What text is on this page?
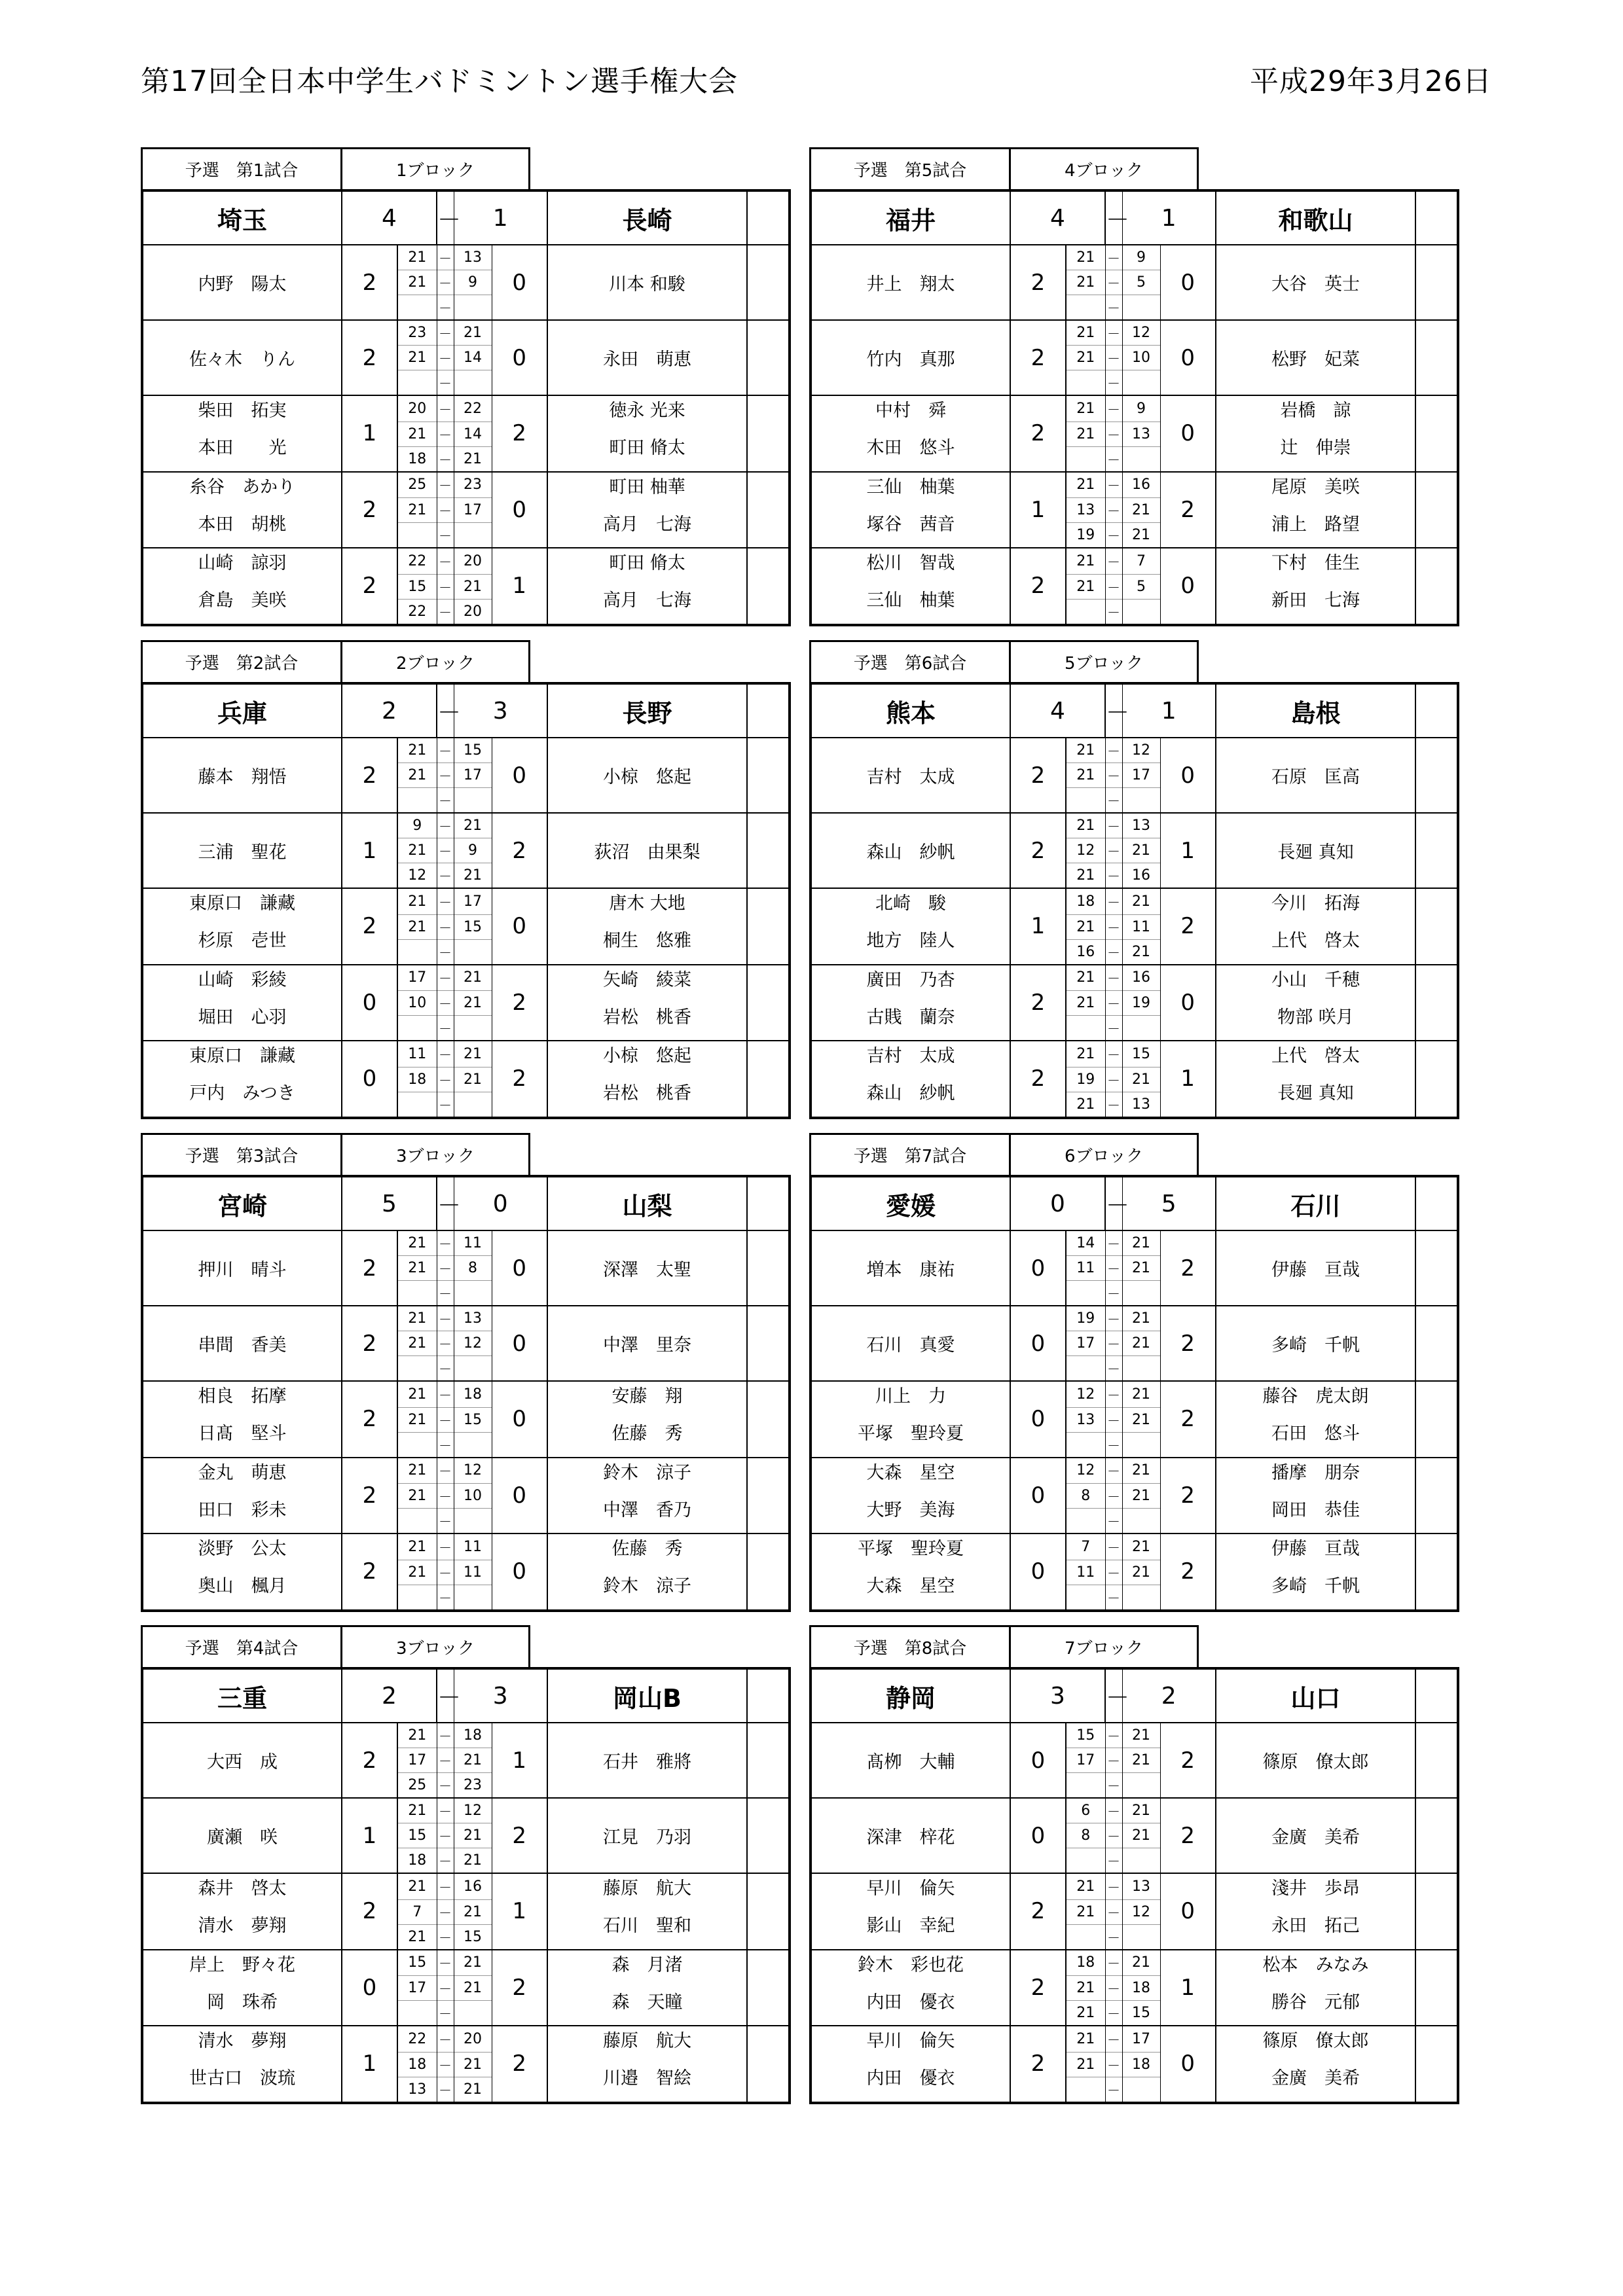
第17回全日本中学生バドミントン選手権大会	平成29年3月26日
予選　第1試合	1ブロック
埼玉	4		－	1		長崎	
内野　陽太	2	21	－	13	0	川本 和駿	
		21	－	9			
			－				
佐々木　りん	2	23	－	21	0	永田　萌恵	
		21	－	14			
			－				
柴田　拓実	1	20	－	22	2	徳永 光来	
本田　　光		21	－	14		町田 脩太	
		18	－	21			
糸谷　あかり	2	25	－	23	0	町田 柚華	
本田　胡桃		21	－	17		高月　七海	
			－				
山崎　諒羽	2	22	－	20	1	町田 脩太	
倉島　美咲		15	－	21		高月　七海	
		22	－	20			
予選　第5試合	4ブロック
福井	4		－	1		和歌山	
井上　翔太	2	21	－	9	0	大谷　英士	
		21	－	5			
			－				
竹内　真那	2	21	－	12	0	松野　妃菜	
		21	－	10			
			－				
中村　舜	2	21	－	9	0	岩橋　諒	
木田　悠斗		21	－	13		辻　伸崇	
			－				
三仙　柚葉	1	21	－	16	2	尾原　美咲	
塚谷　茜音		13	－	21		浦上　路望	
		19	－	21			
松川　智哉	2	21	－	7	0	下村　佳生	
三仙　柚葉		21	－	5		新田　七海	
			－				
予選　第2試合	2ブロック
兵庫	2		－	3		長野	
藤本　翔悟	2	21	－	15	0	小椋　悠起	
		21	－	17			
			－				
三浦　聖花	1	9	－	21	2	荻沼　由果梨	
		21	－	9			
		12	－	21			
東原口　謙藏	2	21	－	17	0	唐木 大地	
杉原　壱世		21	－	15		桐生　悠雅	
			－				
山崎　彩綾	0	17	－	21	2	矢崎　綾菜	
堀田　心羽		10	－	21		岩松　桃香	
			－				
東原口　謙藏	0	11	－	21	2	小椋　悠起	
戸内　みつき		18	－	21		岩松　桃香	
			－				
予選　第6試合	5ブロック
熊本	4		－	1		島根	
吉村　太成	2	21	－	12	0	石原　匡高	
		21	－	17			
			－				
森山　紗帆	2	21	－	13	1	長廻 真知	
		12	－	21			
		21	－	16			
北崎　駿	1	18	－	21	2	今川　拓海	
地方　陸人		21	－	11		上代　啓太	
		16	－	21			
廣田　乃杏	2	21	－	16	0	小山　千穂	
古賎　蘭奈		21	－	19		物部 咲月	
			－				
吉村　太成	2	21	－	15	1	上代　啓太	
森山　紗帆		19	－	21		長廻 真知	
		21	－	13			
予選　第3試合	3ブロック
宮崎	5		－	0		山梨	
押川　晴斗	2	21	－	11	0	深澤　太聖	
		21	－	8			
			－				
串間　香美	2	21	－	13	0	中澤　里奈	
		21	－	12			
			－				
相良　拓摩	2	21	－	18	0	安藤　翔	
日髙　堅斗		21	－	15		佐藤　秀	
			－				
金丸　萌恵	2	21	－	12	0	鈴木　涼子	
田口　彩未		21	－	10		中澤　香乃	
			－				
淡野　公太	2	21	－	11	0	佐藤　秀	
奥山　楓月		21	－	11		鈴木　涼子	
			－				
予選　第7試合	6ブロック
愛媛	0		－	5		石川	
増本　康祐	0	14	－	21	2	伊藤　亘哉	
		11	－	21			
			－				
石川　真愛	0	19	－	21	2	多崎　千帆	
		17	－	21			
			－				
川上　力	0	12	－	21	2	藤谷　虎太朗	
平塚　聖玲夏		13	－	21		石田　悠斗	
			－				
大森　星空	0	12	－	21	2	播摩　朋奈	
大野　美海		8	－	21		岡田　恭佳	
			－				
平塚　聖玲夏	0	7	－	21	2	伊藤　亘哉	
大森　星空		11	－	21		多崎　千帆	
			－				
予選　第4試合	3ブロック
三重	2		－	3		岡山B	
大西　成	2	21	－	18	1	石井　雅將	
		17	－	21			
		25	－	23			
廣瀬　咲	1	21	－	12	2	江見　乃羽	
		15	－	21			
		18	－	21			
森井　啓太	2	21	－	16	1	藤原　航大	
清水　夢翔		7	－	21		石川　聖和	
		21	－	15			
岸上　野々花	0	15	－	21	2	森　月渚	
岡　珠希		17	－	21		森　天瞳	
			－				
清水　夢翔	1	22	－	20	2	藤原　航大	
世古口　波琉		18	－	21		川邉　智絵	
		13	－	21			
予選　第8試合	7ブロック
静岡	3		－	2		山口	
髙栁　大輔	0	15	－	21	2	篠原　僚太郎	
		17	－	21			
			－				
深津　梓花	0	6	－	21	2	金廣　美希	
		8	－	21			
			－				
早川　倫矢	2	21	－	13	0	淺井　歩昂	
影山　幸紀		21	－	12		永田　拓己	
			－				
鈴木　彩也花	2	18	－	21	1	松本　みなみ	
内田　優衣		21	－	18		勝谷　元郁	
		21	－	15			
早川　倫矢	2	21	－	17	0	篠原　僚太郎	
内田　優衣		21	－	18		金廣　美希	
			－				
